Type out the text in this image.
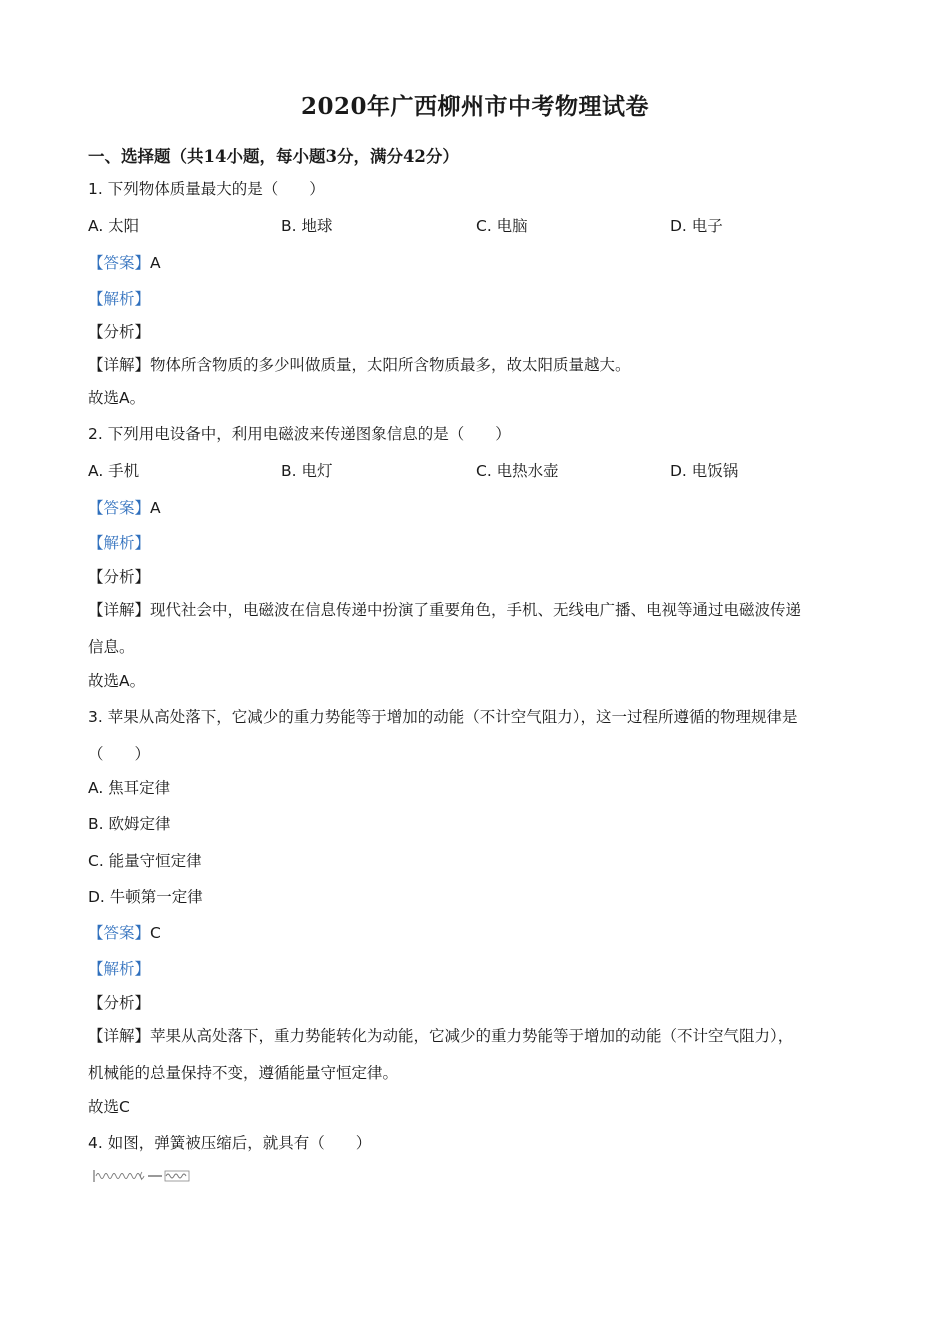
2020年广西柳州市中考物理试卷
一、选择题（共14小题，每小题3分，满分42分）
1. 下列物体质量最大的是（　　）
A. 太阳	B. 地球	C. 电脑	D. 电子
【答案】A
【解析】
【分析】
【详解】物体所含物质的多少叫做质量，太阳所含物质最多，故太阳质量越大。
故选A。
2. 下列用电设备中，利用电磁波来传递图象信息的是（　　）
A. 手机	B. 电灯	C. 电热水壶	D. 电饭锅
【答案】A
【解析】
【分析】
【详解】现代社会中，电磁波在信息传递中扮演了重要角色，手机、无线电广播、电视等通过电磁波传递
信息。
故选A。
3. 苹果从高处落下，它减少的重力势能等于增加的动能（不计空气阻力），这一过程所遵循的物理规律是
（　　）
A. 焦耳定律
B. 欧姆定律
C. 能量守恒定律
D. 牛顿第一定律
【答案】C
【解析】
【分析】
【详解】苹果从高处落下，重力势能转化为动能，它减少的重力势能等于增加的动能（不计空气阻力），
机械能的总量保持不变，遵循能量守恒定律。
故选C
4. 如图，弹簧被压缩后，就具有（　　）
